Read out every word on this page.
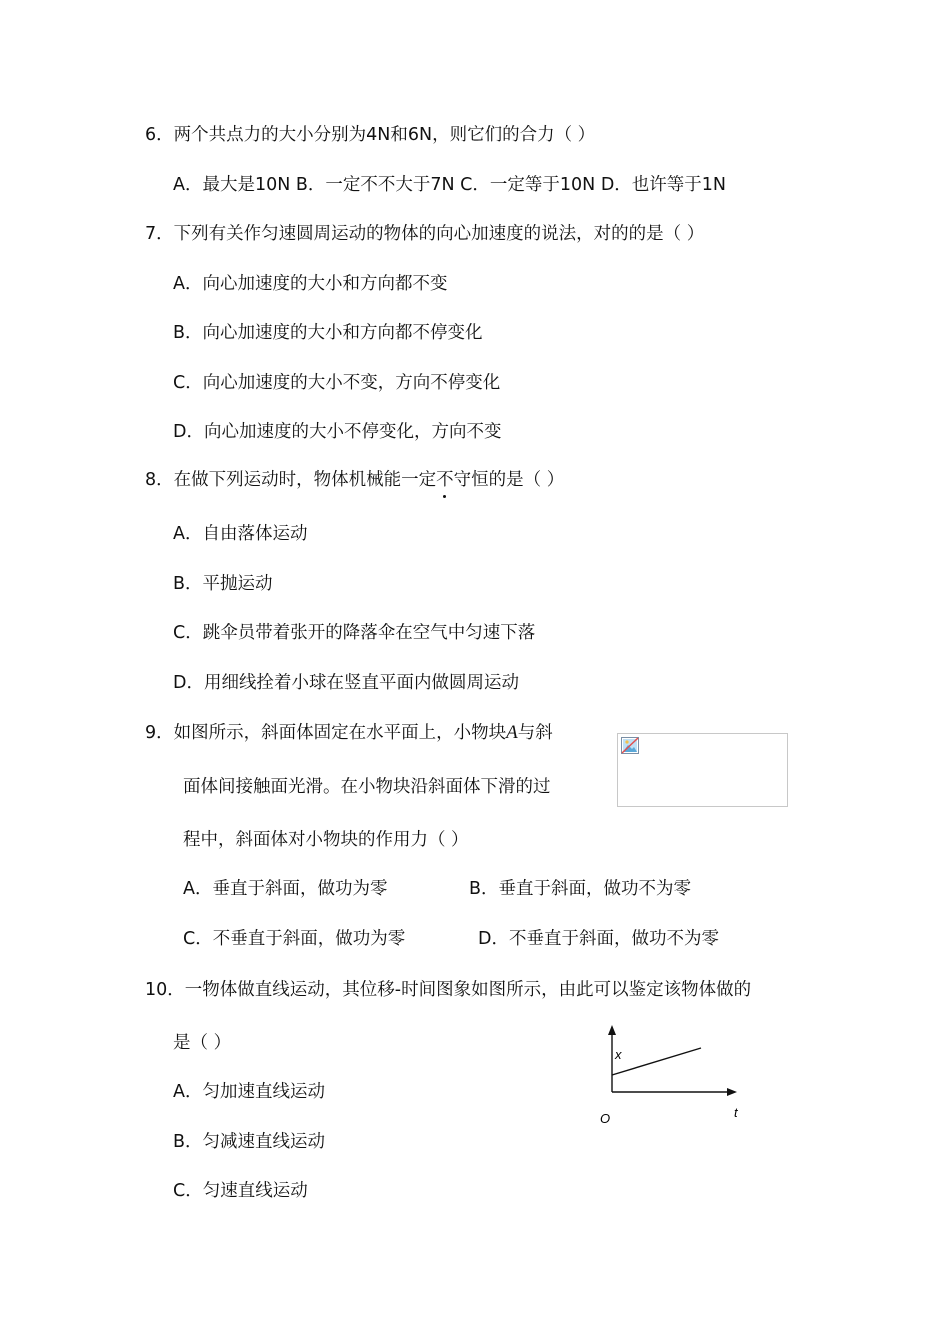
6．两个共点力的大小分别为4N和6N，则它们的合力（ ）
A．最大是10N B．一定不不大于7N C．一定等于10N D．也许等于1N
7．下列有关作匀速圆周运动的物体的向心加速度的说法，对的的是（ ）
A．向心加速度的大小和方向都不变
B．向心加速度的大小和方向都不停变化
C．向心加速度的大小不变，方向不停变化
D．向心加速度的大小不停变化，方向不变
8．在做下列运动时，物体机械能一定不守恒的是（ ）
A．自由落体运动
B．平抛运动
C．跳伞员带着张开的降落伞在空气中匀速下落
D．用细线拴着小球在竖直平面内做圆周运动
9．如图所示，斜面体固定在水平面上，小物块A与斜
面体间接触面光滑。在小物块沿斜面体下滑的过
程中，斜面体对小物块的作用力（ ）
A．垂直于斜面，做功为零	B．垂直于斜面，做功不为零
C．不垂直于斜面，做功为零	D．不垂直于斜面，做功不为零
10．一物体做直线运动，其位移-时间图象如图所示，由此可以鉴定该物体做的
是（ ）
A．匀加速直线运动
B．匀减速直线运动
C．匀速直线运动
x
t
O
